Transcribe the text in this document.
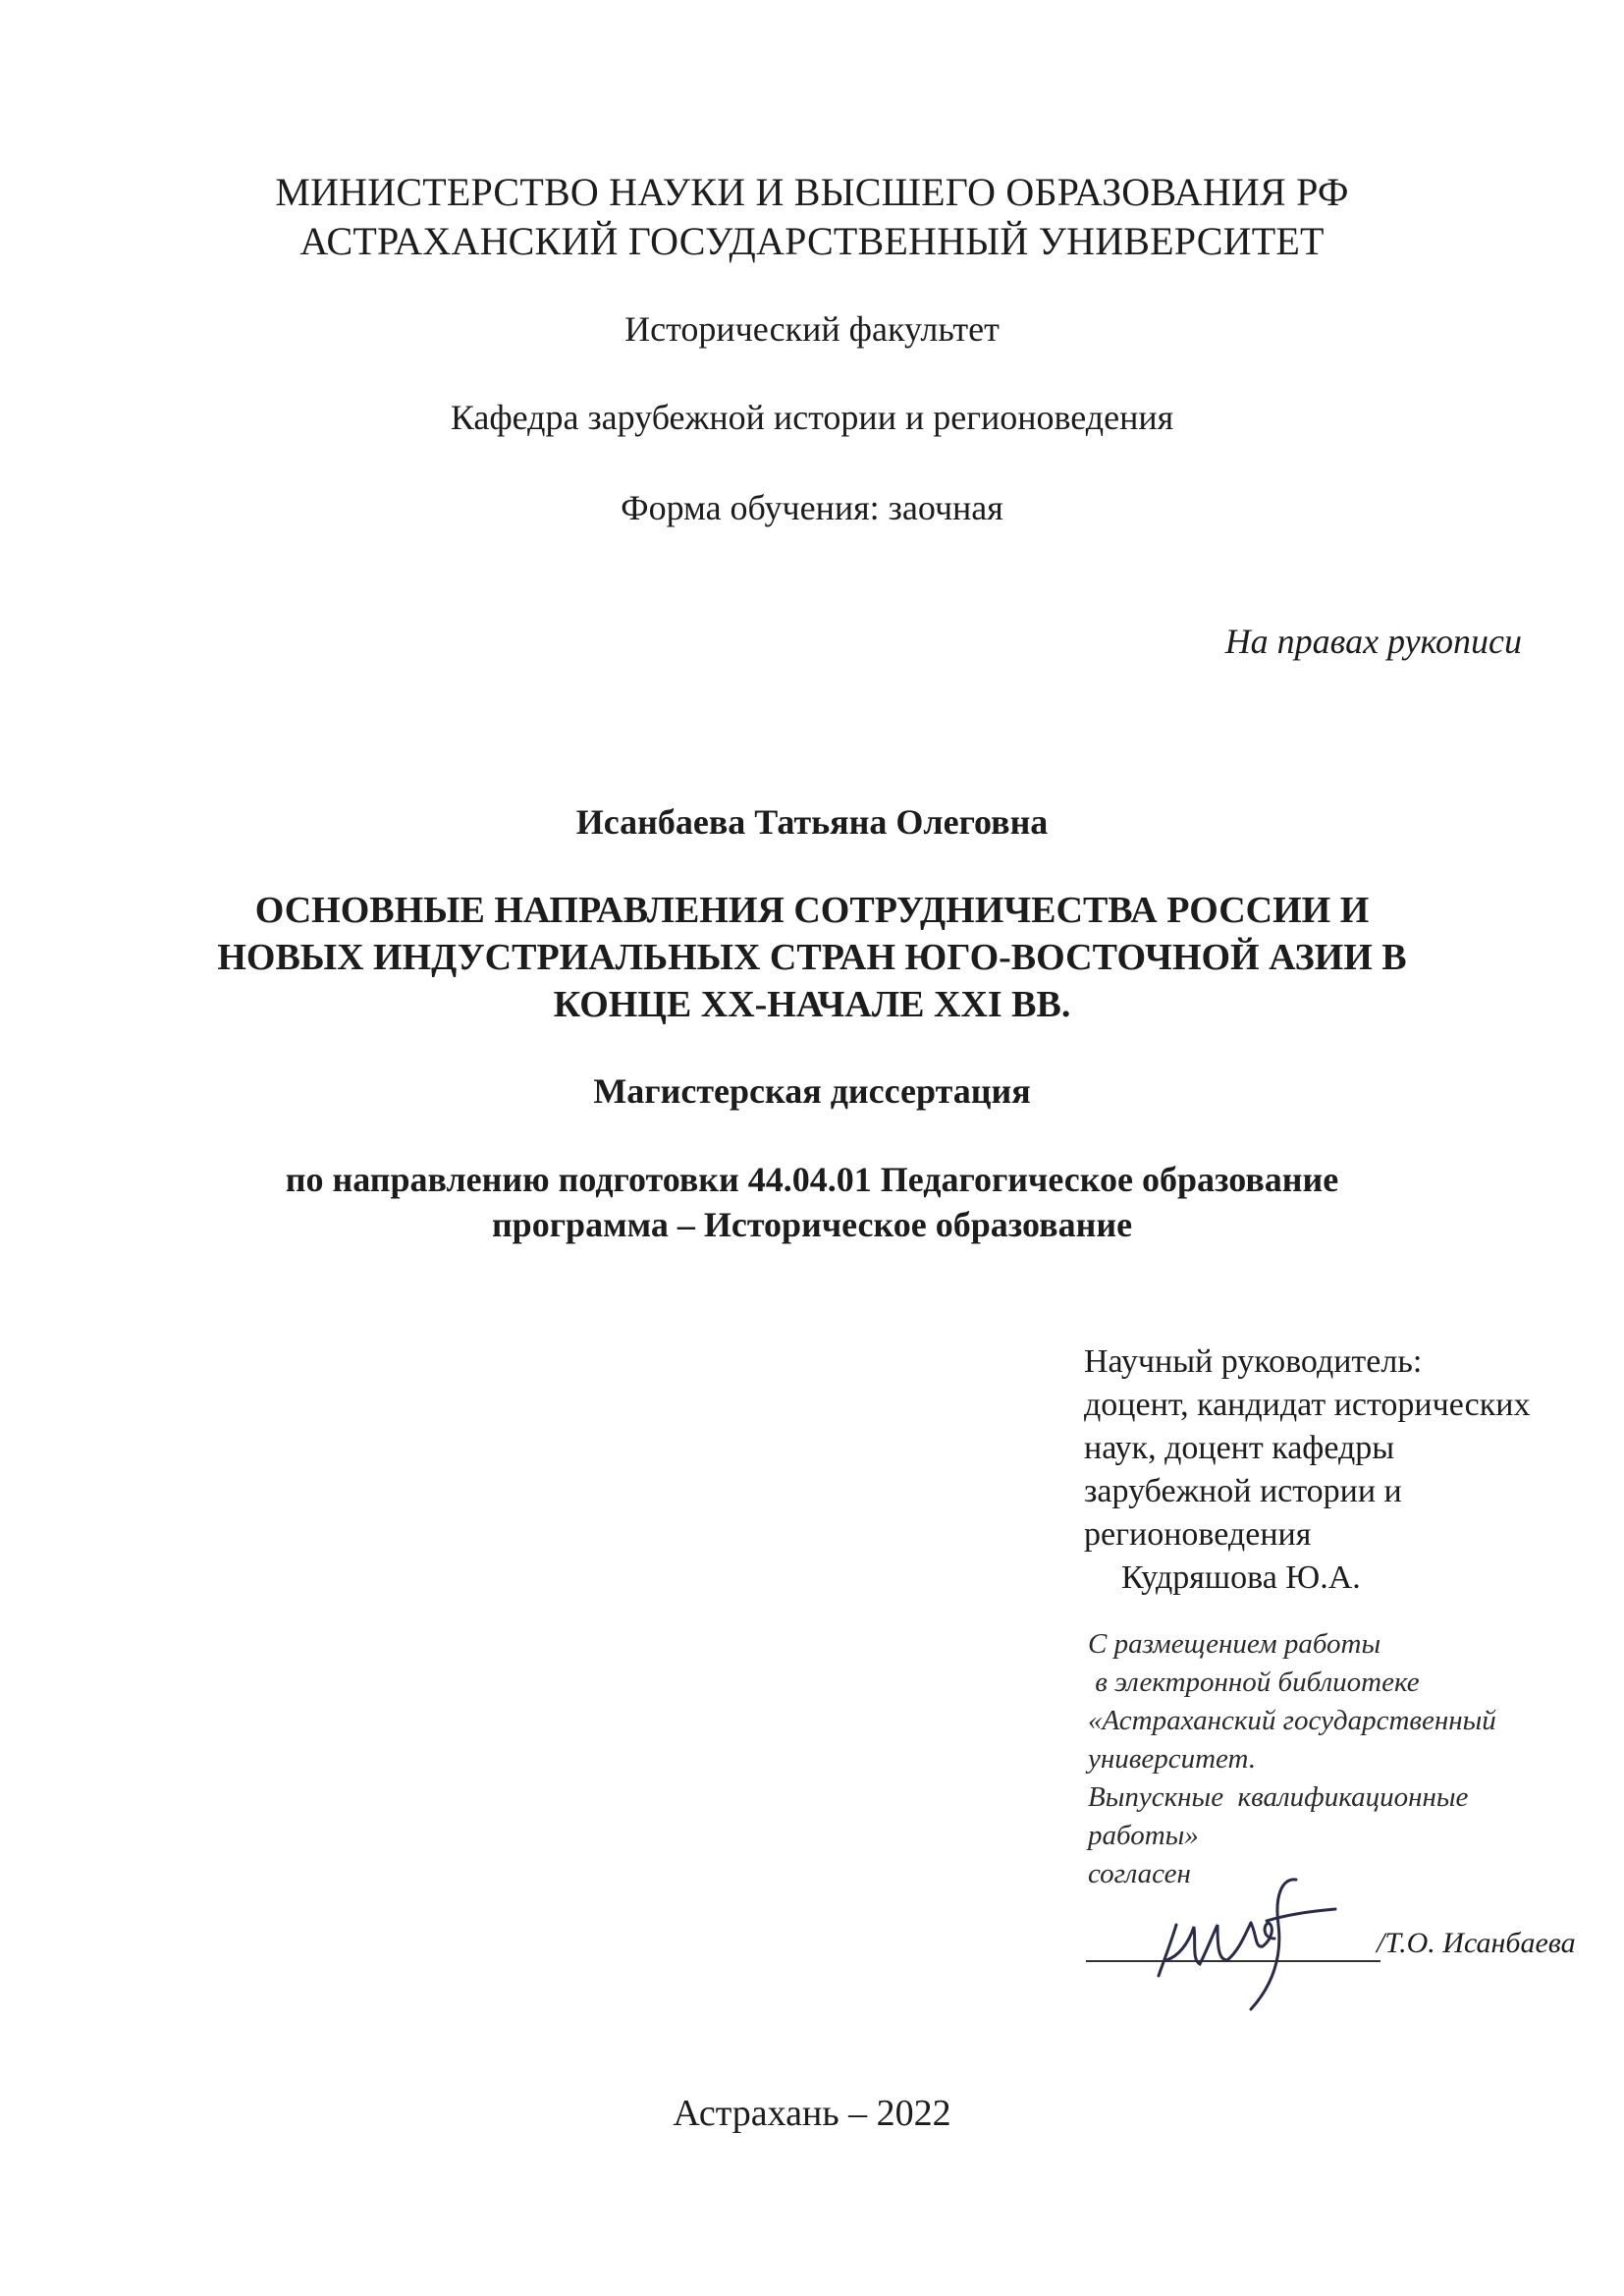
МИНИСТЕРСТВО НАУКИ И ВЫСШЕГО ОБРАЗОВАНИЯ РФ
АСТРАХАНСКИЙ ГОСУДАРСТВЕННЫЙ УНИВЕРСИТЕТ
Исторический факультет
Кафедра зарубежной истории и регионоведения
Форма обучения: заочная
На правах рукописи
Исанбаева Татьяна Олеговна
ОСНОВНЫЕ НАПРАВЛЕНИЯ СОТРУДНИЧЕСТВА РОССИИ И
НОВЫХ ИНДУСТРИАЛЬНЫХ СТРАН ЮГО-ВОСТОЧНОЙ АЗИИ В
КОНЦЕ XX-НАЧАЛЕ XXI ВВ.
Магистерская диссертация
по направлению подготовки 44.04.01 Педагогическое образование
программа – Историческое образование
Научный руководитель:
доцент, кандидат исторических
наук, доцент кафедры
зарубежной истории и
регионоведения
Кудряшова Ю.А.
С размещением работы
в электронной библиотеке
«Астраханский государственный
университет.
Выпускные  квалификационные
работы»
согласен
/Т.О. Исанбаева
Астрахань – 2022
